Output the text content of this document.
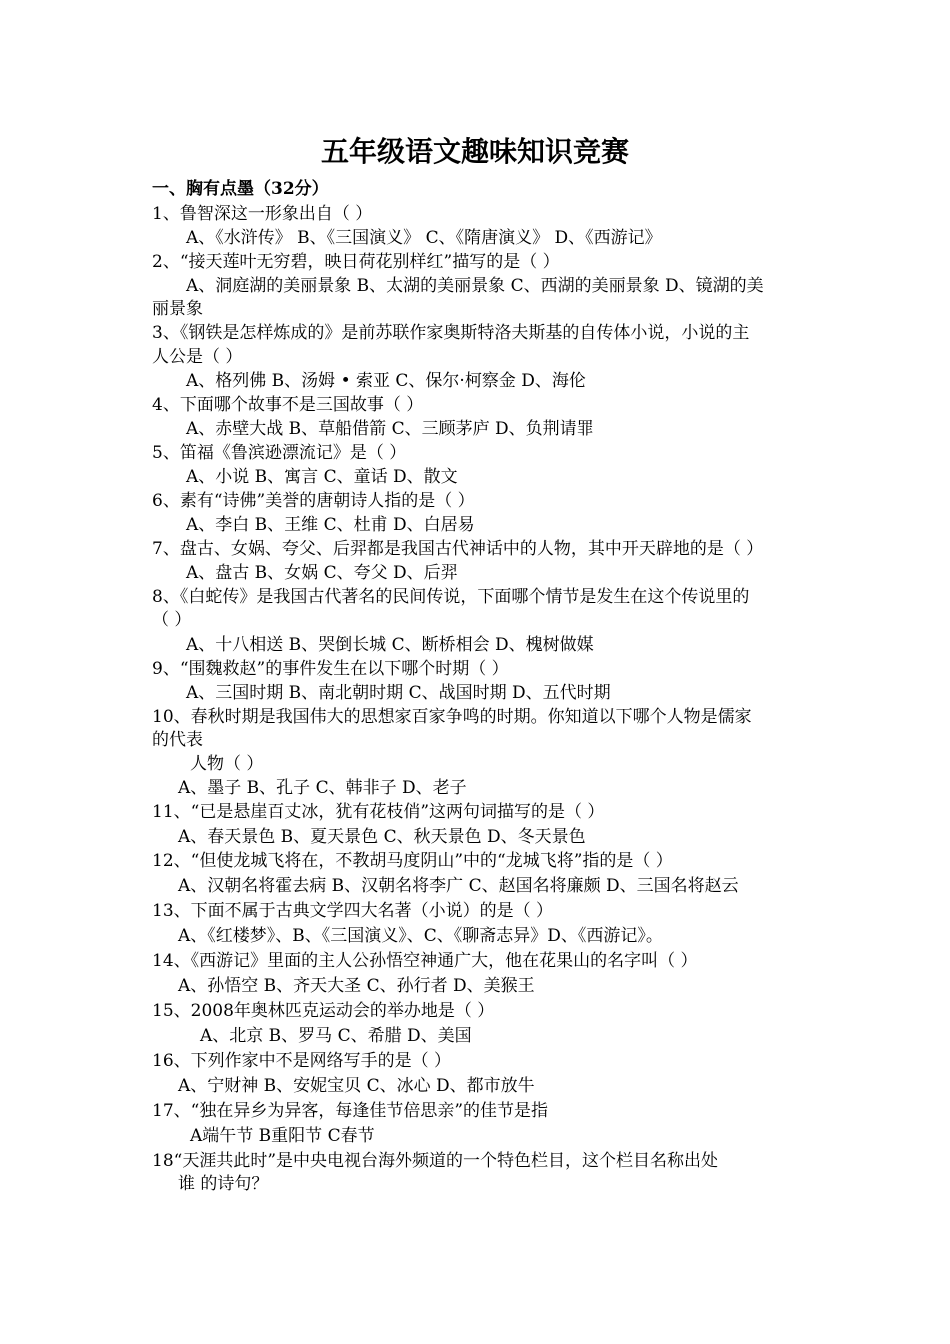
五年级语文趣味知识竞赛
一、胸有点墨（32分）
1、鲁智深这一形象出自（ ）
A、《水浒传》 B、《三国演义》 C、《隋唐演义》 D、《西游记》
2、“接天莲叶无穷碧，映日荷花别样红”描写的是（ ）
A、洞庭湖的美丽景象 B、太湖的美丽景象 C、西湖的美丽景象 D、镜湖的美
丽景象
3、《钢铁是怎样炼成的》是前苏联作家奥斯特洛夫斯基的自传体小说，小说的主
人公是（ ）
A、格列佛 B、汤姆 • 索亚 C、保尔·柯察金 D、海伦
4、下面哪个故事不是三国故事（ ）
A、赤壁大战 B、草船借箭 C、三顾茅庐 D、负荆请罪
5、笛福《鲁滨逊漂流记》是（ ）
A、小说 B、寓言 C、童话 D、散文
6、素有“诗佛”美誉的唐朝诗人指的是（ ）
A、李白 B、王维 C、杜甫 D、白居易
7、盘古、女娲、夸父、后羿都是我国古代神话中的人物，其中开天辟地的是（ ）
A、盘古 B、女娲 C、夸父 D、后羿
8、《白蛇传》是我国古代著名的民间传说，下面哪个情节是发生在这个传说里的
（ ）
A、十八相送 B、哭倒长城 C、断桥相会 D、槐树做媒
9、“围魏救赵”的事件发生在以下哪个时期（ ）
A、三国时期 B、南北朝时期 C、战国时期 D、五代时期
10、春秋时期是我国伟大的思想家百家争鸣的时期。你知道以下哪个人物是儒家
的代表
人物（ ）
A、墨子 B、孔子 C、韩非子 D、老子
11、“已是悬崖百丈冰，犹有花枝俏”这两句词描写的是（ ）
A、春天景色 B、夏天景色 C、秋天景色 D、冬天景色
12、“但使龙城飞将在，不教胡马度阴山”中的“龙城飞将”指的是（ ）
A、汉朝名将霍去病 B、汉朝名将李广 C、赵国名将廉颇 D、三国名将赵云
13、下面不属于古典文学四大名著（小说）的是（ ）
A、《红楼梦》、B、《三国演义》、C、《聊斋志异》D、《西游记》。
14、《西游记》里面的主人公孙悟空神通广大，他在花果山的名字叫（ ）
A、孙悟空 B、齐天大圣 C、孙行者 D、美猴王
15、2008年奥林匹克运动会的举办地是（ ）
A、北京 B、罗马 C、希腊 D、美国
16、下列作家中不是网络写手的是（ ）
A、宁财神 B、安妮宝贝 C、冰心 D、都市放牛
17、“独在异乡为异客，每逢佳节倍思亲”的佳节是指
A端午节 B重阳节 C春节
18“天涯共此时”是中央电视台海外频道的一个特色栏目，这个栏目名称出处
谁 的诗句？
